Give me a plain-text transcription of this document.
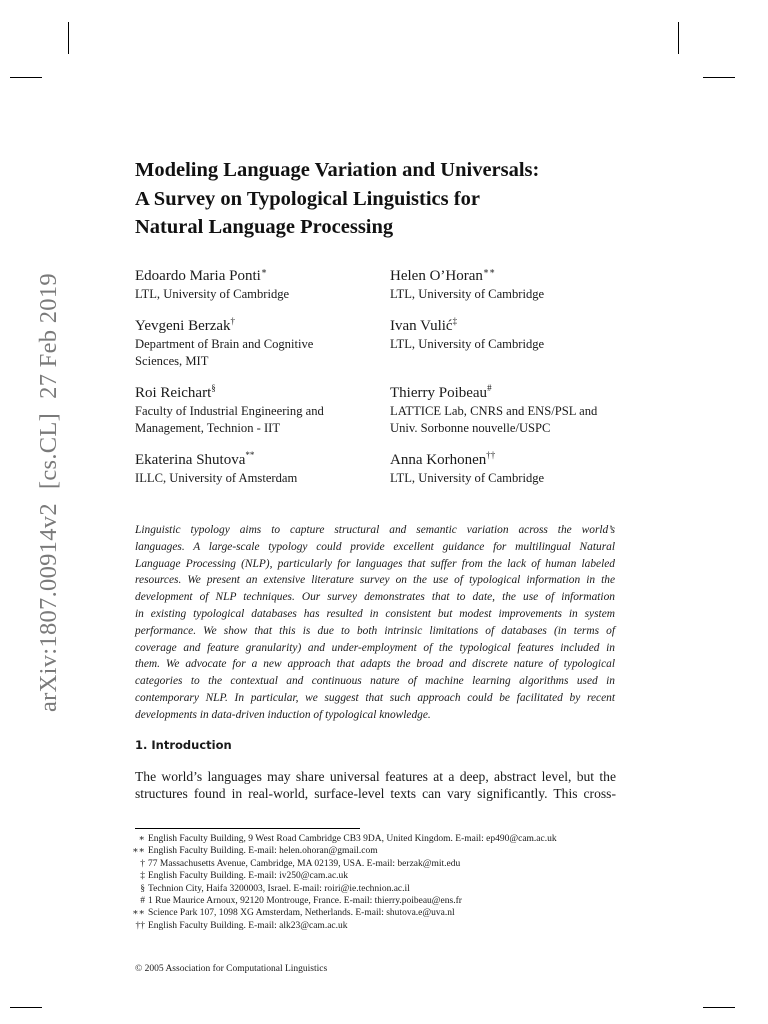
arXiv:1807.00914v2[cs.CL]27 Feb 2019
Modeling Language Variation and Universals:
A Survey on Typological Linguistics for
Natural Language Processing
Edoardo Maria Ponti∗
LTL, University of Cambridge
Helen O’Horan∗∗
LTL, University of Cambridge
Yevgeni Berzak†
Department of Brain and Cognitive
Sciences, MIT
Ivan Vulić‡
LTL, University of Cambridge
Roi Reichart§
Faculty of Industrial Engineering and
Management, Technion - IIT
Thierry Poibeau#
LATTICE Lab, CNRS and ENS/PSL and
Univ. Sorbonne nouvelle/USPC
Ekaterina Shutova**
ILLC, University of Amsterdam
Anna Korhonen††
LTL, University of Cambridge
Linguistic typology aims to capture structural and semantic variation across the world’s
languages. A large-scale typology could provide excellent guidance for multilingual Natural
Language Processing (NLP), particularly for languages that suffer from the lack of human labeled
resources. We present an extensive literature survey on the use of typological information in the
development of NLP techniques. Our survey demonstrates that to date, the use of information
in existing typological databases has resulted in consistent but modest improvements in system
performance. We show that this is due to both intrinsic limitations of databases (in terms of
coverage and feature granularity) and under-employment of the typological features included in
them. We advocate for a new approach that adapts the broad and discrete nature of typological
categories to the contextual and continuous nature of machine learning algorithms used in
contemporary NLP. In particular, we suggest that such approach could be facilitated by recent
developments in data-driven induction of typological knowledge.
1. Introduction
The world’s languages may share universal features at a deep, abstract level, but the
structures found in real-world, surface-level texts can vary significantly. This cross-
∗ English Faculty Building, 9 West Road Cambridge CB3 9DA, United Kingdom. E-mail: ep490@cam.ac.uk
∗∗ English Faculty Building. E-mail: helen.ohoran@gmail.com
† 77 Massachusetts Avenue, Cambridge, MA 02139, USA. E-mail: berzak@mit.edu
‡ English Faculty Building. E-mail: iv250@cam.ac.uk
§ Technion City, Haifa 3200003, Israel. E-mail: roiri@ie.technion.ac.il
# 1 Rue Maurice Arnoux, 92120 Montrouge, France. E-mail: thierry.poibeau@ens.fr
∗∗ Science Park 107, 1098 XG Amsterdam, Netherlands. E-mail: shutova.e@uva.nl
†† English Faculty Building. E-mail: alk23@cam.ac.uk
© 2005 Association for Computational Linguistics
